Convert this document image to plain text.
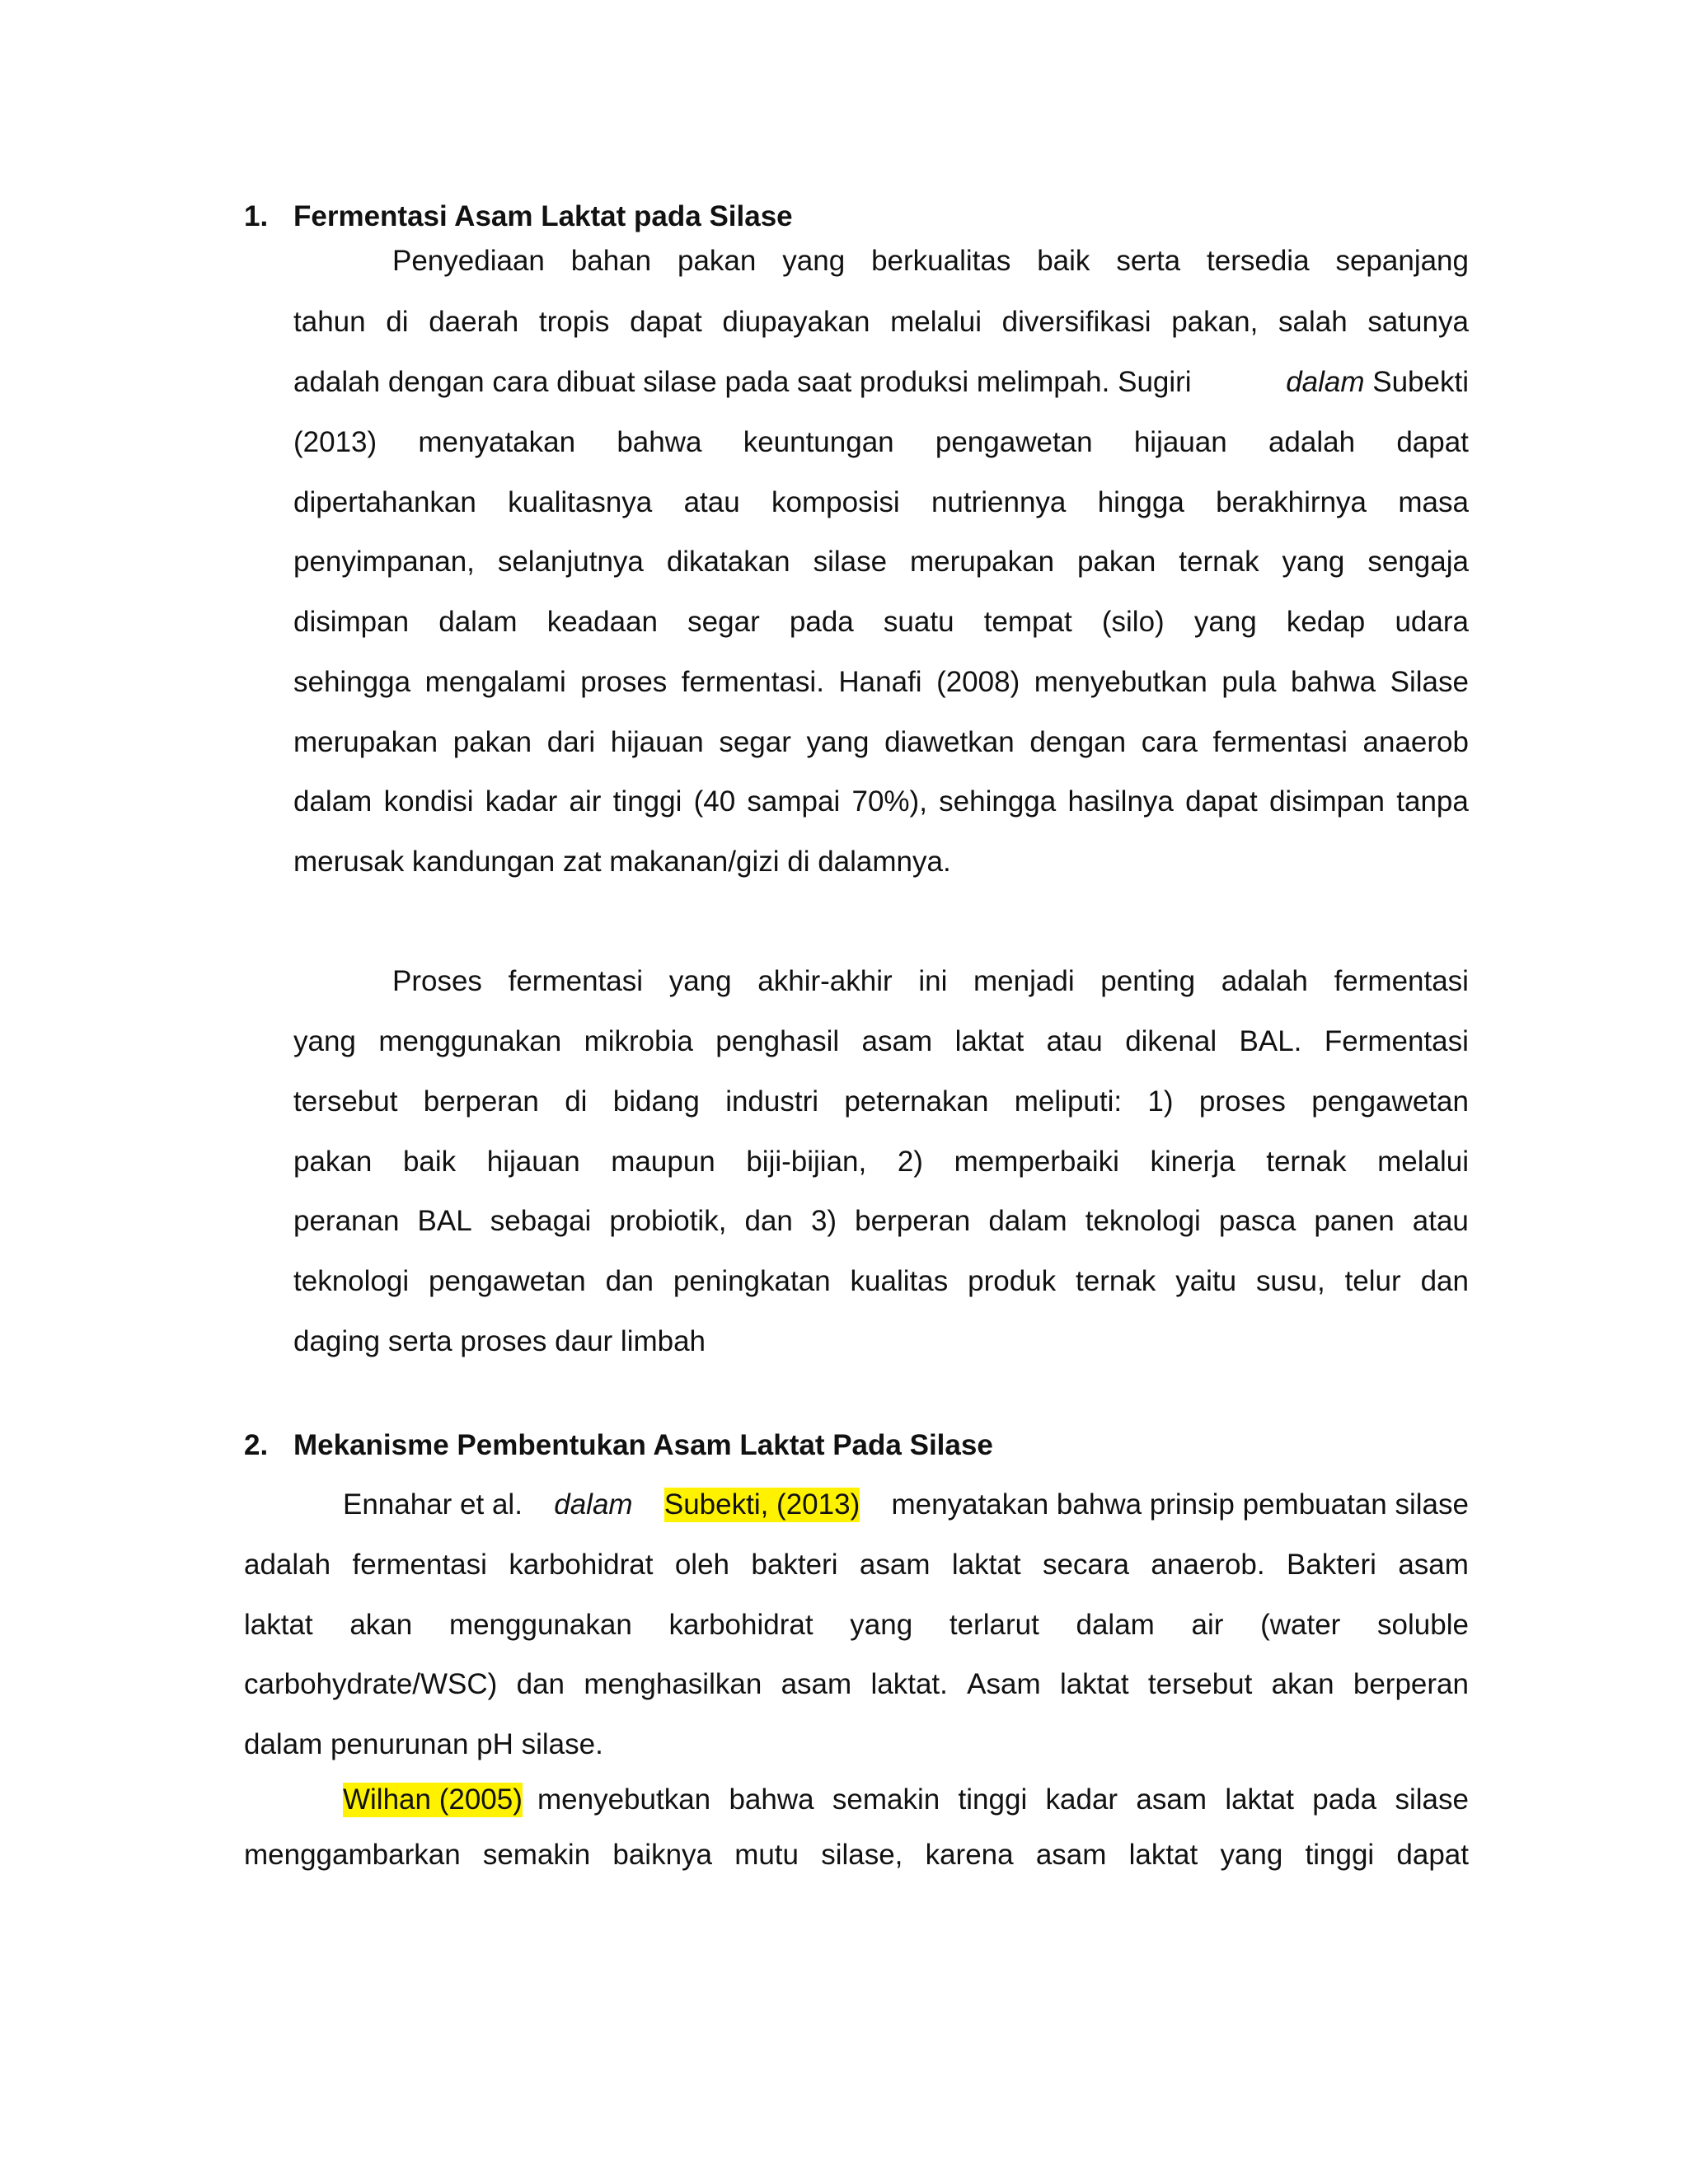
1. Fermentasi Asam Laktat pada Silase
Penyediaan bahan pakan yang berkualitas baik serta tersedia sepanjang
tahun di daerah tropis dapat diupayakan melalui diversifikasi pakan, salah satunya
adalah dengan cara dibuat silase pada saat produksi melimpah. Sugiri	dalam Subekti
(2013) menyatakan bahwa keuntungan pengawetan hijauan adalah dapat
dipertahankan kualitasnya atau komposisi nutriennya hingga berakhirnya masa
penyimpanan, selanjutnya dikatakan silase merupakan pakan ternak yang sengaja
disimpan dalam keadaan segar pada suatu tempat (silo) yang kedap udara
sehingga mengalami proses fermentasi. Hanafi (2008) menyebutkan pula bahwa Silase
merupakan pakan dari hijauan segar yang diawetkan dengan cara fermentasi anaerob
dalam kondisi kadar air tinggi (40 sampai 70%), sehingga hasilnya dapat disimpan tanpa
merusak kandungan zat makanan/gizi di dalamnya.
Proses fermentasi yang akhir-akhir ini menjadi penting adalah fermentasi
yang menggunakan mikrobia penghasil asam laktat atau dikenal BAL. Fermentasi
tersebut berperan di bidang industri peternakan meliputi: 1) proses pengawetan
pakan baik hijauan maupun biji-bijian, 2) memperbaiki kinerja ternak melalui
peranan BAL sebagai probiotik, dan 3) berperan dalam teknologi pasca panen atau
teknologi pengawetan dan peningkatan kualitas produk ternak yaitu susu, telur dan
daging serta proses daur limbah
2. Mekanisme Pembentukan Asam Laktat Pada Silase
Ennahar et al. dalam Subekti, (2013) menyatakan bahwa prinsip pembuatan silase
adalah fermentasi karbohidrat oleh bakteri asam laktat secara anaerob. Bakteri asam
laktat akan menggunakan karbohidrat yang terlarut dalam air (water soluble
carbohydrate/WSC) dan menghasilkan asam laktat. Asam laktat tersebut akan berperan
dalam penurunan pH silase.
Wilhan (2005) menyebutkan bahwa semakin tinggi kadar asam laktat pada silase
menggambarkan semakin baiknya mutu silase, karena asam laktat yang tinggi dapat
